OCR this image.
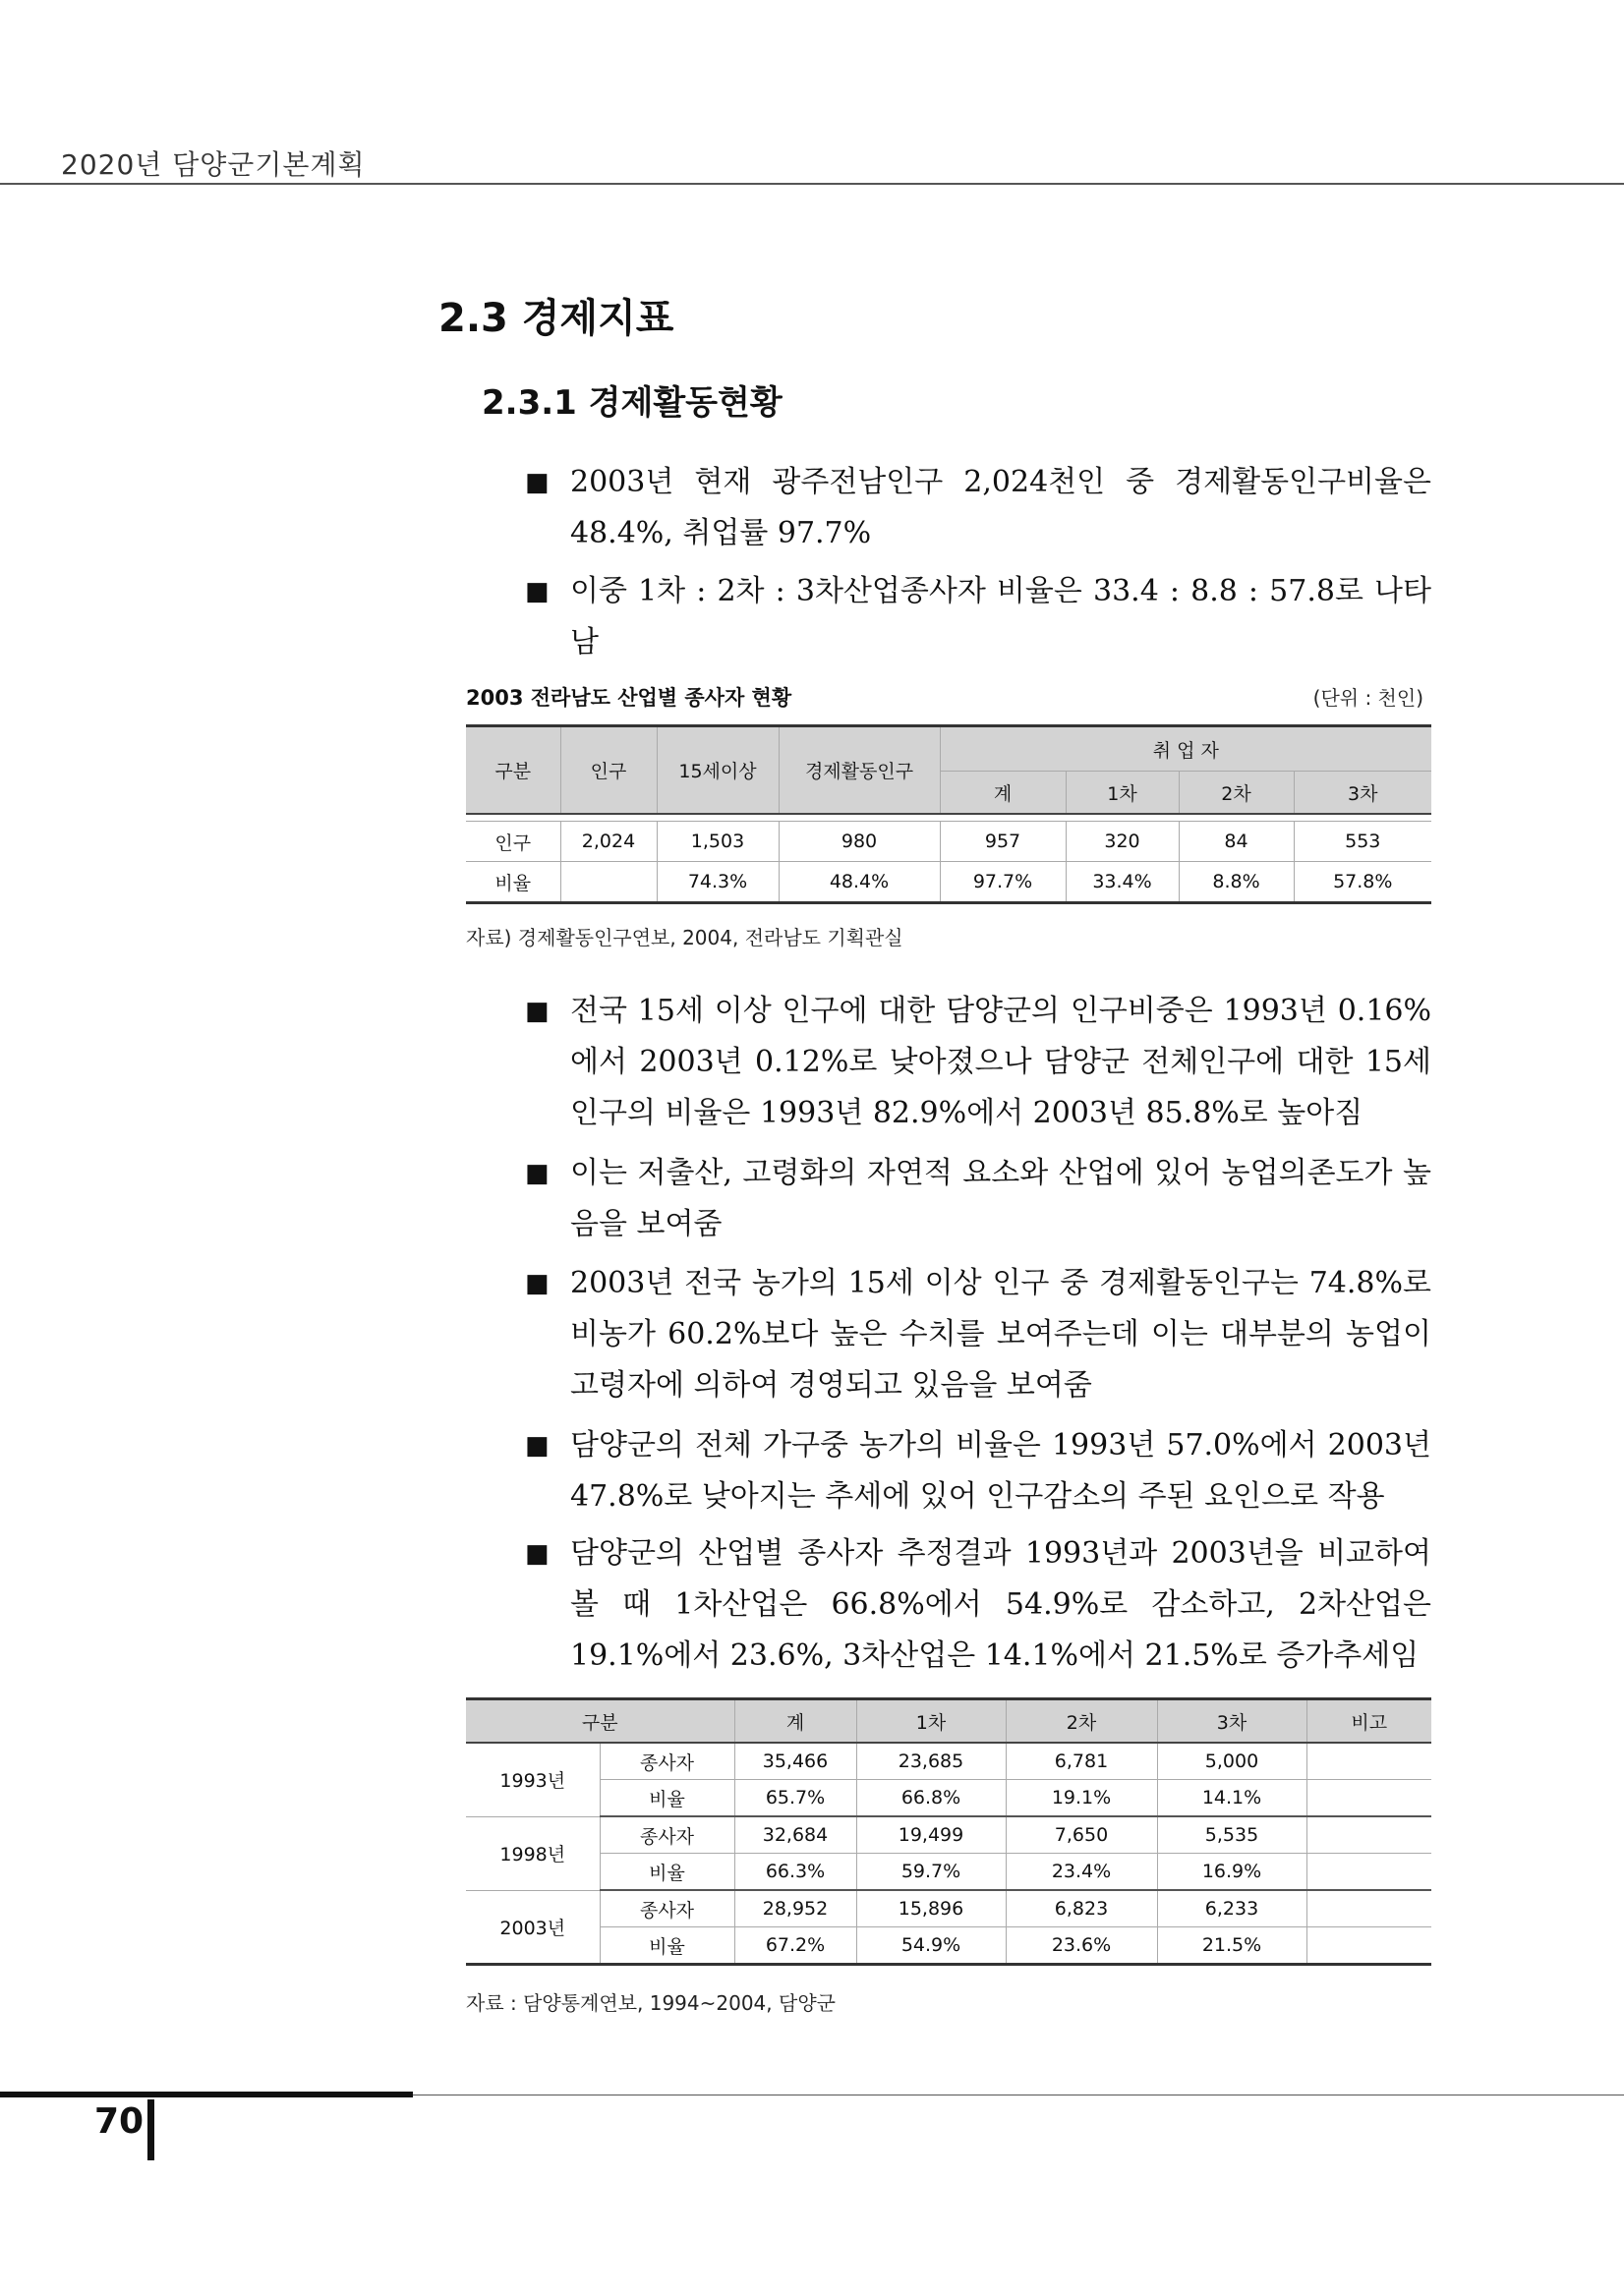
2020년 담양군기본계획
2.3 경제지표
2.3.1 경제활동현황
■ 2003년 현재 광주전남인구 2,024천인 중 경제활동인구비율은 48.4%, 취업률 97.7%
■ 이중 1차 : 2차 : 3차산업종사자 비율은 33.4 : 8.8 : 57.8로 나타남
2003 전라남도 산업별 종사자 현황	(단위 : 천인)
구분	인구	15세이상	경제활동인구	취 업 자			
				계	1차	2차	3차

인구	2,024	1,503	980	957	320	84	553
비율		74.3%	48.4%	97.7%	33.4%	8.8%	57.8%
자료) 경제활동인구연보, 2004, 전라남도 기획관실
■ 전국 15세 이상 인구에 대한 담양군의 인구비중은 1993년 0.16%에서 2003년 0.12%로 낮아졌으나 담양군 전체인구에 대한 15세 인구의 비율은 1993년 82.9%에서 2003년 85.8%로 높아짐
■ 이는 저출산, 고령화의 자연적 요소와 산업에 있어 농업의존도가 높음을 보여줌
■ 2003년 전국 농가의 15세 이상 인구 중 경제활동인구는 74.8%로 비농가 60.2%보다 높은 수치를 보여주는데 이는 대부분의 농업이 고령자에 의하여 경영되고 있음을 보여줌
■ 담양군의 전체 가구중 농가의 비율은 1993년 57.0%에서 2003년 47.8%로 낮아지는 추세에 있어 인구감소의 주된 요인으로 작용
■ 담양군의 산업별 종사자 추정결과 1993년과 2003년을 비교하여 볼 때 1차산업은 66.8%에서 54.9%로 감소하고, 2차산업은 19.1%에서 23.6%, 3차산업은 14.1%에서 21.5%로 증가추세임
구분		계	1차	2차	3차	비고
1993년	종사자	35,466	23,685	6,781	5,000	
	비율	65.7%	66.8%	19.1%	14.1%	
1998년	종사자	32,684	19,499	7,650	5,535	
	비율	66.3%	59.7%	23.4%	16.9%	
2003년	종사자	28,952	15,896	6,823	6,233	
	비율	67.2%	54.9%	23.6%	21.5%	
자료 : 담양통계연보, 1994~2004, 담양군
70
